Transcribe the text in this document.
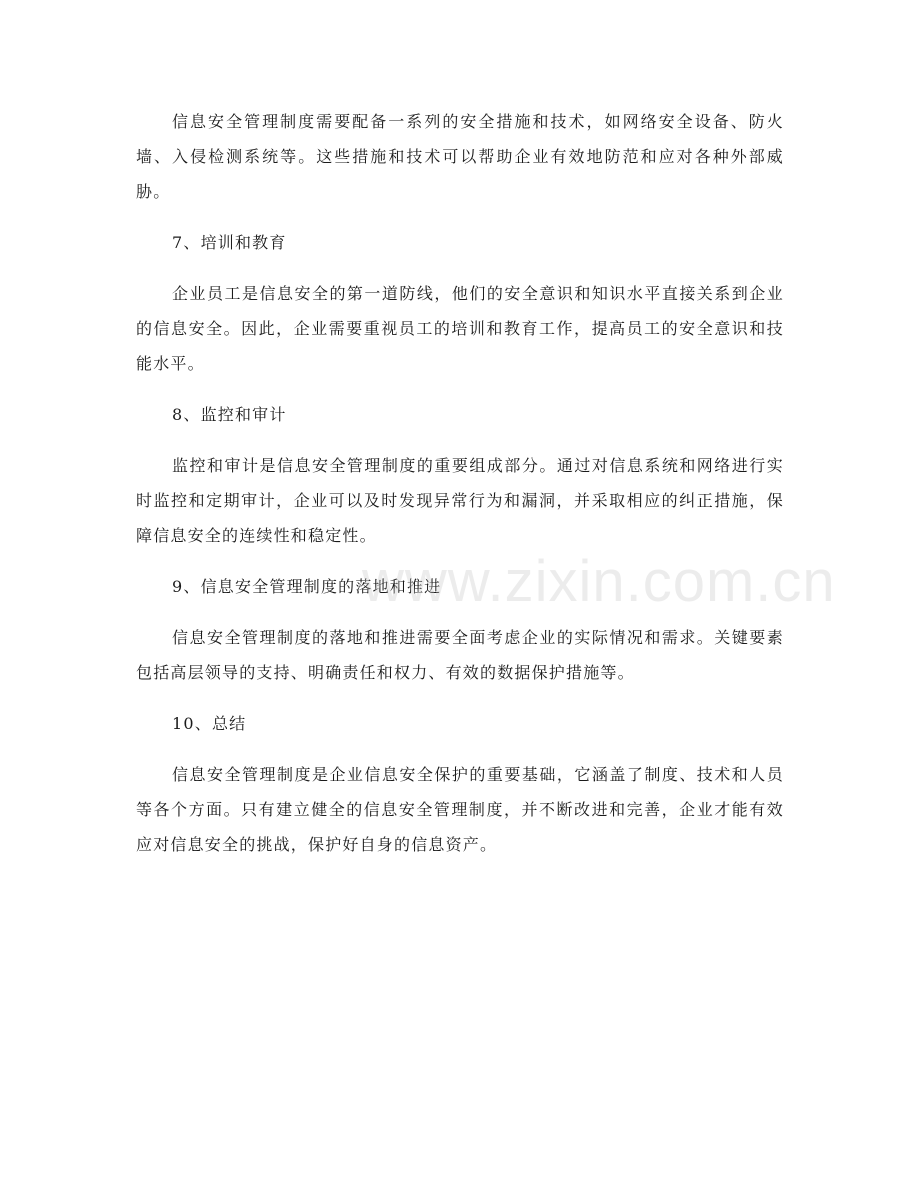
信息安全管理制度需要配备一系列的安全措施和技术，如网络安全设备、防火墙、入侵检测系统等。这些措施和技术可以帮助企业有效地防范和应对各种外部威胁。

7、培训和教育

企业员工是信息安全的第一道防线，他们的安全意识和知识水平直接关系到企业的信息安全。因此，企业需要重视员工的培训和教育工作，提高员工的安全意识和技能水平。

8、监控和审计

监控和审计是信息安全管理制度的重要组成部分。通过对信息系统和网络进行实时监控和定期审计，企业可以及时发现异常行为和漏洞，并采取相应的纠正措施，保障信息安全的连续性和稳定性。

9、信息安全管理制度的落地和推进

信息安全管理制度的落地和推进需要全面考虑企业的实际情况和需求。关键要素包括高层领导的支持、明确责任和权力、有效的数据保护措施等。

10、总结

信息安全管理制度是企业信息安全保护的重要基础，它涵盖了制度、技术和人员等各个方面。只有建立健全的信息安全管理制度，并不断改进和完善，企业才能有效应对信息安全的挑战，保护好自身的信息资产。

www.zixin.com.cn
